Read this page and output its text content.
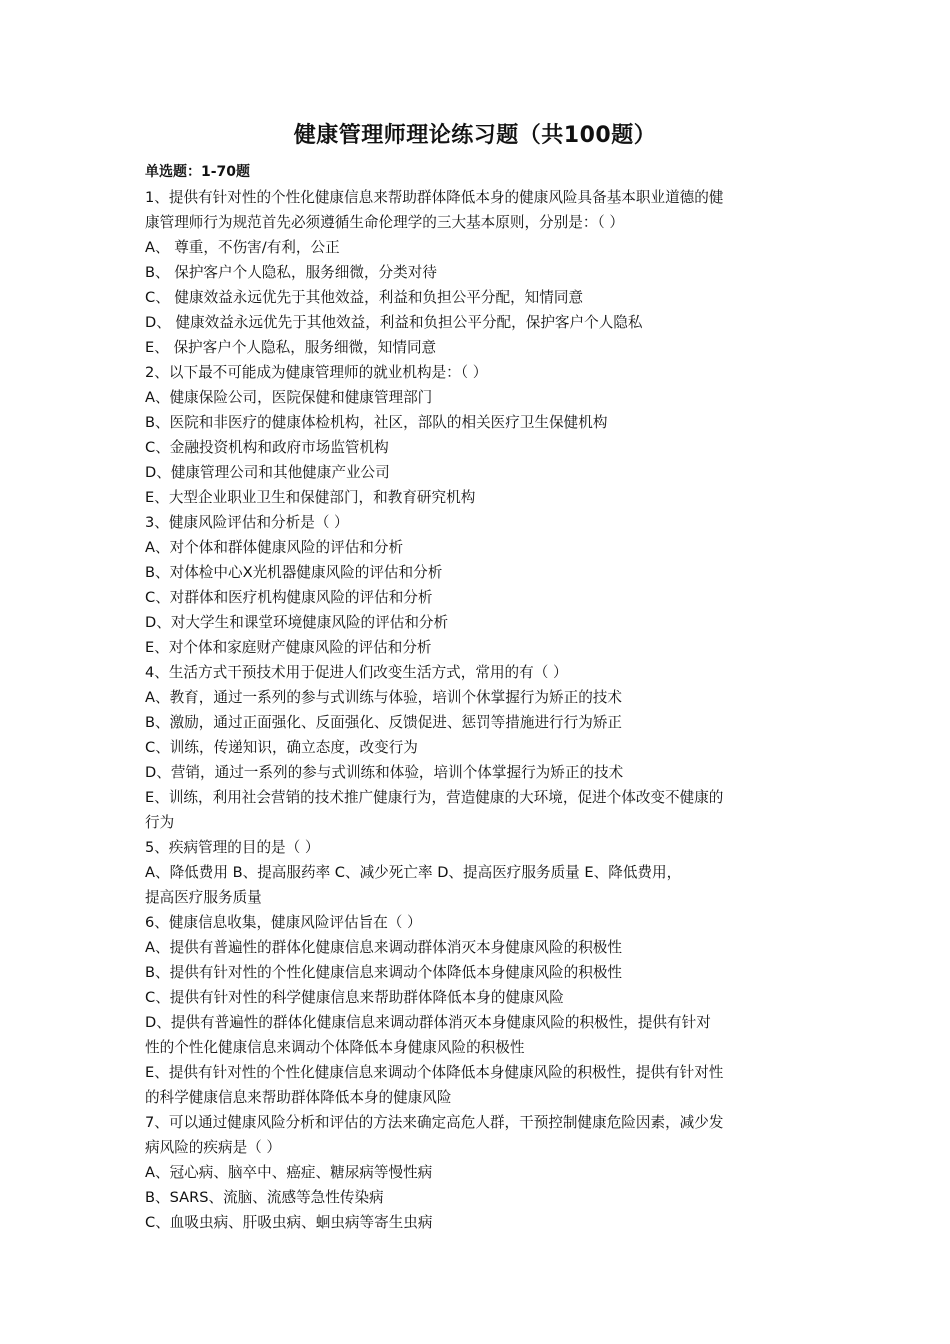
健康管理师理论练习题（共100题）
单选题：1-70题
1、提供有针对性的个性化健康信息来帮助群体降低本身的健康风险具备基本职业道德的健
康管理师行为规范首先必须遵循生命伦理学的三大基本原则，分别是：（ ）
A、 尊重，不伤害/有利，公正
B、 保护客户个人隐私，服务细微，分类对待
C、 健康效益永远优先于其他效益，利益和负担公平分配，知情同意
D、 健康效益永远优先于其他效益，利益和负担公平分配，保护客户个人隐私
E、 保护客户个人隐私，服务细微，知情同意
2、以下最不可能成为健康管理师的就业机构是：（ ）
A、健康保险公司，医院保健和健康管理部门
B、医院和非医疗的健康体检机构，社区，部队的相关医疗卫生保健机构
C、金融投资机构和政府市场监管机构
D、健康管理公司和其他健康产业公司
E、大型企业职业卫生和保健部门，和教育研究机构
3、健康风险评估和分析是（ ）
A、对个体和群体健康风险的评估和分析
B、对体检中心X光机器健康风险的评估和分析
C、对群体和医疗机构健康风险的评估和分析
D、对大学生和课堂环境健康风险的评估和分析
E、对个体和家庭财产健康风险的评估和分析
4、生活方式干预技术用于促进人们改变生活方式，常用的有（ ）
A、教育，通过一系列的参与式训练与体验，培训个休掌握行为矫正的技术
B、激励，通过正面强化、反面强化、反馈促进、惩罚等措施进行行为矫正
C、训练，传递知识，确立态度，改变行为
D、营销，通过一系列的参与式训练和体验，培训个体掌握行为矫正的技术
E、训练，利用社会营销的技术推广健康行为，营造健康的大环境，促进个体改变不健康的
行为
5、疾病管理的目的是（ ）
A、降低费用 B、提高服药率 C、减少死亡率 D、提高医疗服务质量 E、降低费用，
提高医疗服务质量
6、健康信息收集，健康风险评估旨在（ ）
A、提供有普遍性的群体化健康信息来调动群体消灭本身健康风险的积极性
B、提供有针对性的个性化健康信息来调动个体降低本身健康风险的积极性
C、提供有针对性的科学健康信息来帮助群体降低本身的健康风险
D、提供有普遍性的群体化健康信息来调动群体消灭本身健康风险的积极性，提供有针对
性的个性化健康信息来调动个体降低本身健康风险的积极性
E、提供有针对性的个性化健康信息来调动个体降低本身健康风险的积极性，提供有针对性
的科学健康信息来帮助群体降低本身的健康风险
7、可以通过健康风险分析和评估的方法来确定高危人群，干预控制健康危险因素，减少发
病风险的疾病是（ ）
A、冠心病、脑卒中、癌症、糖尿病等慢性病
B、SARS、流脑、流感等急性传染病
C、血吸虫病、肝吸虫病、蛔虫病等寄生虫病
